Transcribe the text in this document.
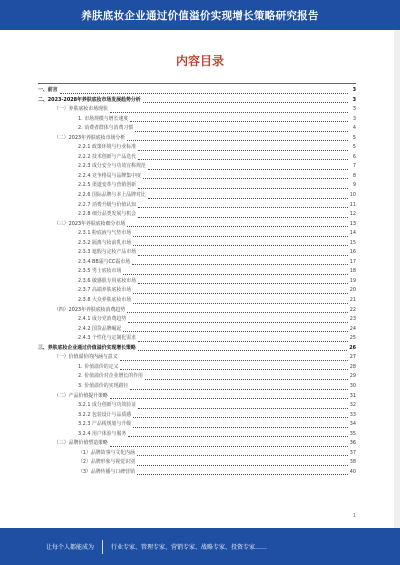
养肤底妆企业通过价值溢价实现增长策略研究报告
内容目录
一、前言	3
二、2023-2028年养肤底妆市场发展趋势分析	3
（一）养肤底妆市场现状	3
1. 市场规模与增长速度	3
2. 消费者群体与消费习惯	4
（二）2023年养肤底妆市场分析	5
2.2.1 政策环境与行业标准	5
2.2.2 技术创新与产品迭代	6
2.2.3 成分安全与功效宣称规范	7
2.2.4 竞争格局与品牌集中度	8
2.2.5 渠道变革与营销创新	9
2.2.6 国际品牌与本土品牌对比	10
2.2.7 消费升级与价值认知	11
2.2.8 细分品类发展与机会	12
（三）2023年养肤底妆细分市场	13
2.3.1 粉底液与气垫市场	14
2.3.2 隔离与妆前乳市场	15
2.3.3 遮瑕与定妆产品市场	16
2.3.4 BB霜与CC霜市场	17
2.3.5 男士底妆市场	18
2.3.6 敏感肌专用底妆市场	19
2.3.7 高端养肤底妆市场	20
2.3.8 大众养肤底妆市场	21
（四）2023年养肤底妆消费趋势	22
2.4.1 成分党消费趋势	23
2.4.2 国货品牌崛起	24
2.4.3 个性化与定制化需求	25
三、养肤底妆企业通过价值溢价实现增长策略	26
（一）价值溢价的内涵与意义	27
1. 价值溢价的定义	28
2. 价值溢价对企业增长的作用	29
3. 价值溢价的实现路径	30
（二）产品价值提升策略	31
3.2.1 成分创新与功效验证	32
3.2.2 包装设计与品质感	33
3.2.3 产品线规划与升级	34
3.2.4 用户体验与服务	35
（三）品牌价值塑造策略	36
（1）品牌故事与文化内涵	37
（2）品牌形象与视觉识别	38
（3）品牌传播与口碑营销	40
1
让每个人都能成为	行业专家、管理专家、营销专家、战略专家、投资专家……
